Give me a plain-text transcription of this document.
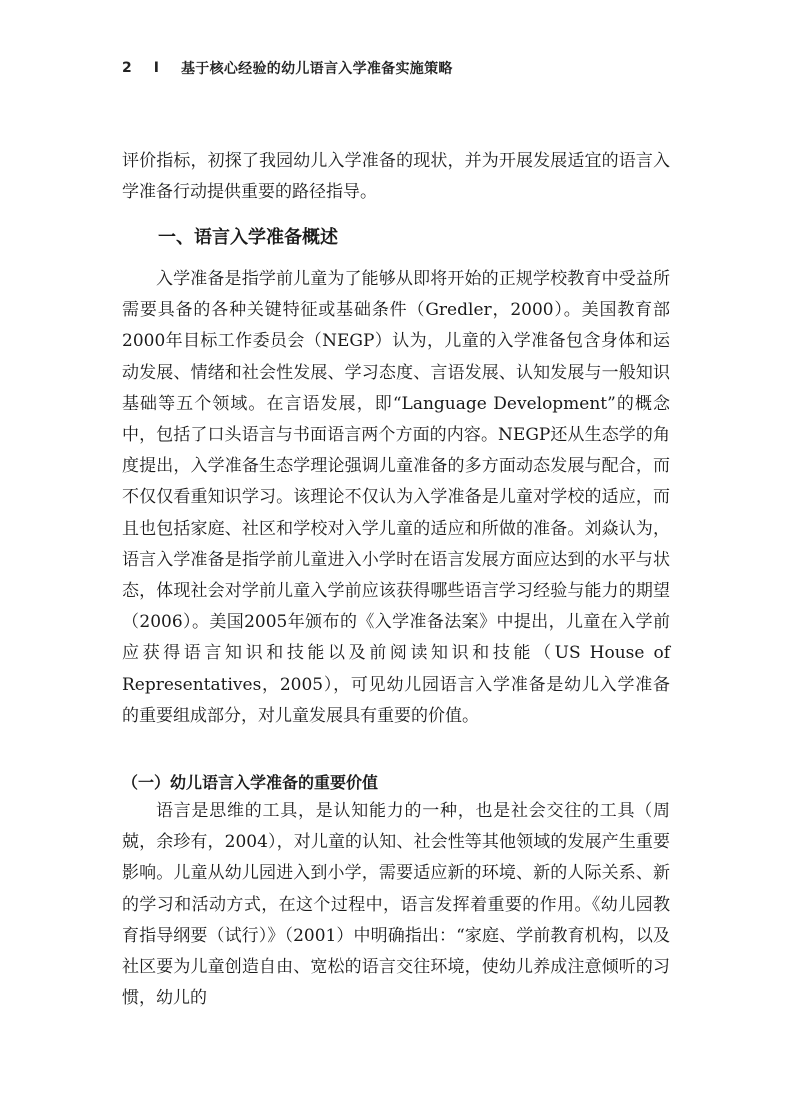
2 I 基于核心经验的幼儿语言入学准备实施策略

评价指标，初探了我园幼儿入学准备的现状，并为开展发展适宜的语言入学准备行动提供重要的路径指导。

一、语言入学准备概述

入学准备是指学前儿童为了能够从即将开始的正规学校教育中受益所需要具备的各种关键特征或基础条件（Gredler，2000）。美国教育部2000年目标工作委员会（NEGP）认为，儿童的入学准备包含身体和运动发展、情绪和社会性发展、学习态度、言语发展、认知发展与一般知识基础等五个领域。在言语发展，即“Language Development”的概念中，包括了口头语言与书面语言两个方面的内容。NEGP还从生态学的角度提出，入学准备生态学理论强调儿童准备的多方面动态发展与配合，而不仅仅看重知识学习。该理论不仅认为入学准备是儿童对学校的适应，而且也包括家庭、社区和学校对入学儿童的适应和所做的准备。刘焱认为，语言入学准备是指学前儿童进入小学时在语言发展方面应达到的水平与状态，体现社会对学前儿童入学前应该获得哪些语言学习经验与能力的期望（2006）。美国2005年颁布的《入学准备法案》中提出，儿童在入学前应获得语言知识和技能以及前阅读知识和技能（US House of Representatives，2005），可见幼儿园语言入学准备是幼儿入学准备的重要组成部分，对儿童发展具有重要的价值。

（一）幼儿语言入学准备的重要价值

语言是思维的工具，是认知能力的一种，也是社会交往的工具（周兢，余珍有，2004），对儿童的认知、社会性等其他领域的发展产生重要影响。儿童从幼儿园进入到小学，需要适应新的环境、新的人际关系、新的学习和活动方式，在这个过程中，语言发挥着重要的作用。《幼儿园教育指导纲要（试行）》（2001）中明确指出：“家庭、学前教育机构，以及社区要为儿童创造自由、宽松的语言交往环境，使幼儿养成注意倾听的习惯，幼儿的
